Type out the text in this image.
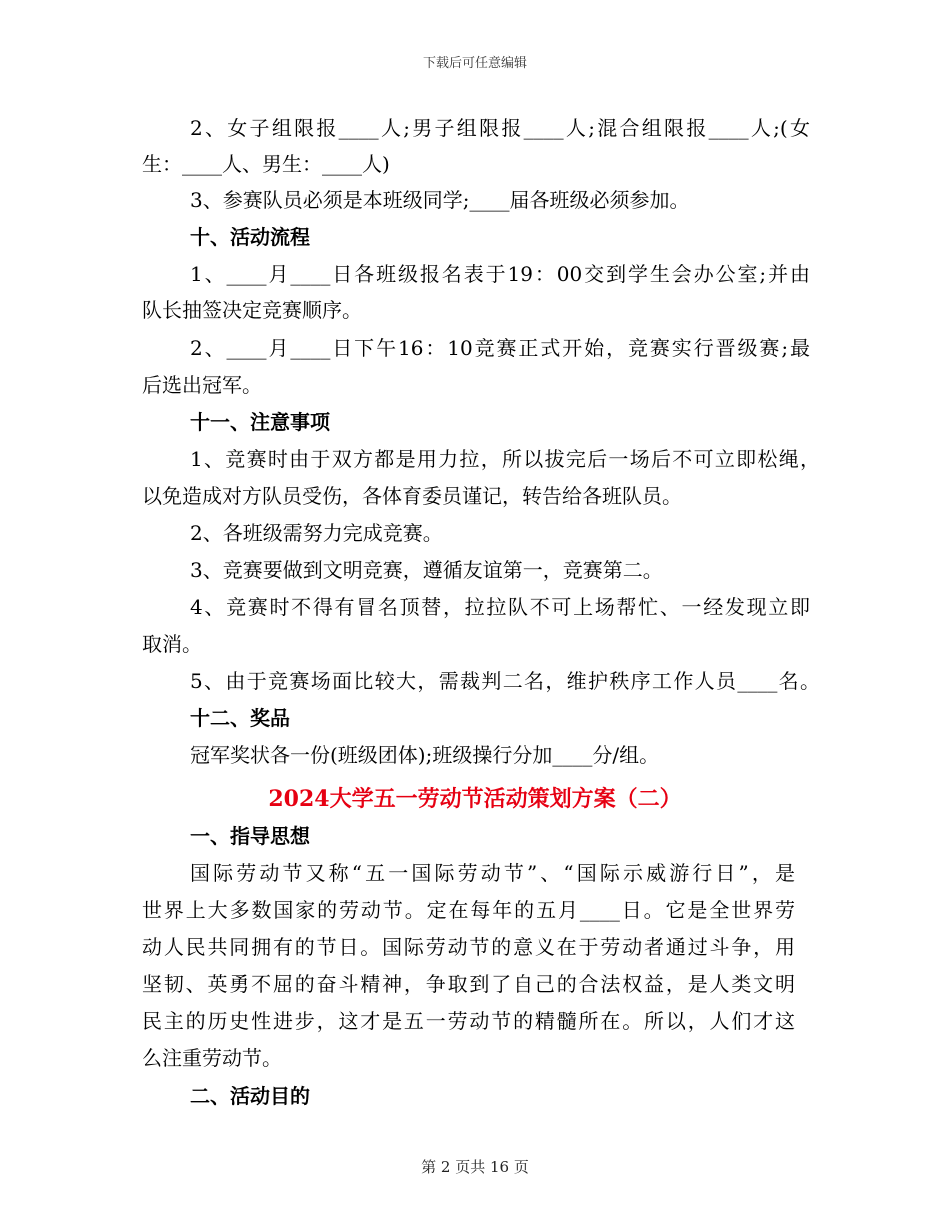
下载后可任意编辑
2、女子组限报____人;男子组限报____人;混合组限报____人;(女
生：____人、男生：____人)
3、参赛队员必须是本班级同学;____届各班级必须参加。
十、活动流程
1、____月____日各班级报名表于19：00交到学生会办公室;并由
队长抽签决定竞赛顺序。
2、____月____日下午16：10竞赛正式开始，竞赛实行晋级赛;最
后选出冠军。
十一、注意事项
1、竞赛时由于双方都是用力拉，所以拔完后一场后不可立即松绳，
以免造成对方队员受伤，各体育委员谨记，转告给各班队员。
2、各班级需努力完成竞赛。
3、竞赛要做到文明竞赛，遵循友谊第一，竞赛第二。
4、竞赛时不得有冒名顶替，拉拉队不可上场帮忙、一经发现立即
取消。
5、由于竞赛场面比较大，需裁判二名，维护秩序工作人员____名。
十二、奖品
冠军奖状各一份(班级团体);班级操行分加____分/组。
2024大学五一劳动节活动策划方案（二）
一、指导思想
国际劳动节又称“五一国际劳动节”、“国际示威游行日”，是
世界上大多数国家的劳动节。定在每年的五月____日。它是全世界劳
动人民共同拥有的节日。国际劳动节的意义在于劳动者通过斗争，用
坚韧、英勇不屈的奋斗精神，争取到了自己的合法权益，是人类文明
民主的历史性进步，这才是五一劳动节的精髓所在。所以，人们才这
么注重劳动节。
二、活动目的
第 2 页共 16 页
